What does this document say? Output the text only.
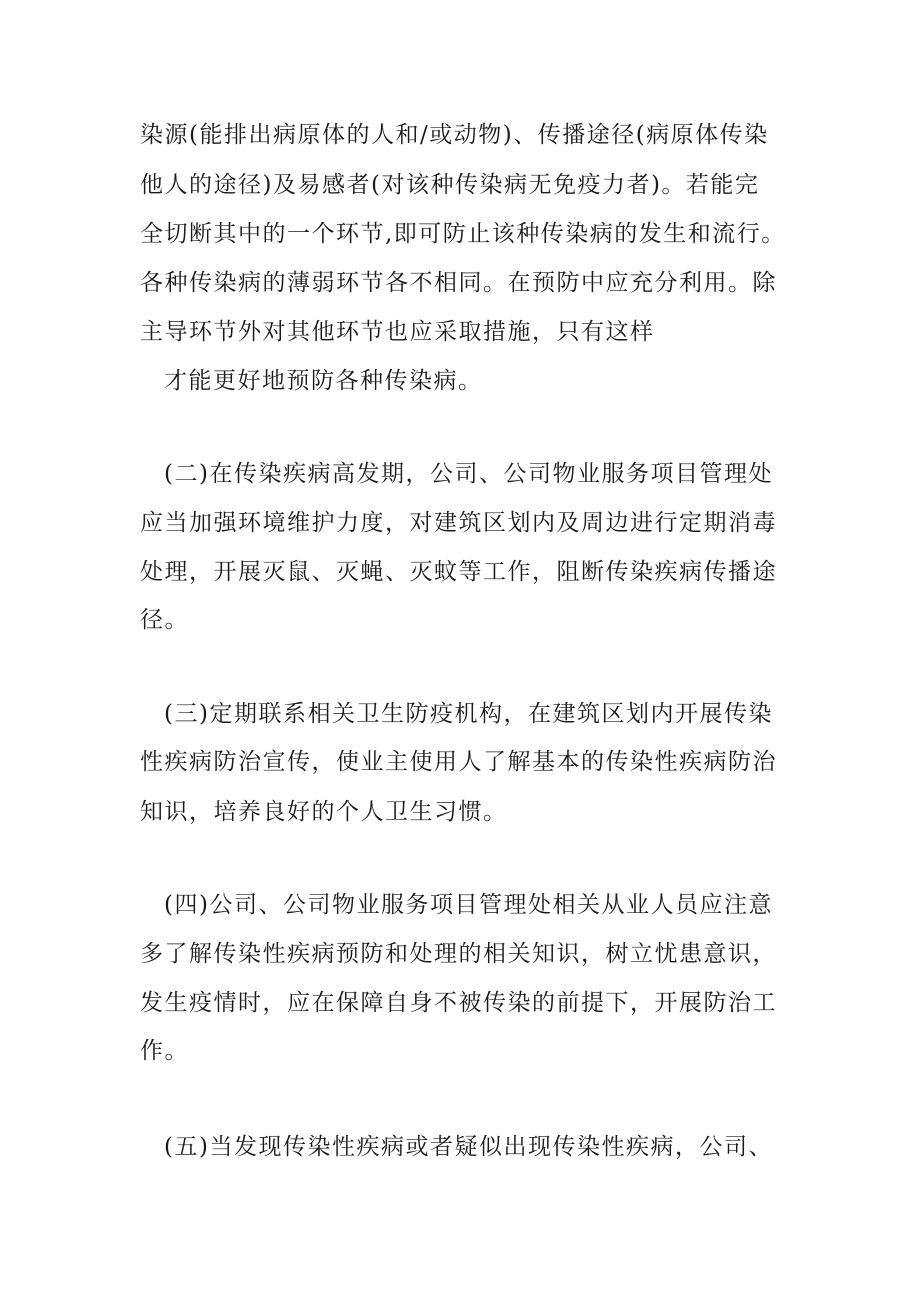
染源(能排出病原体的人和/或动物)、传播途径(病原体传染
他人的途径)及易感者(对该种传染病无免疫力者)。若能完
全切断其中的一个环节,即可防止该种传染病的发生和流行。
各种传染病的薄弱环节各不相同。在预防中应充分利用。除
主导环节外对其他环节也应采取措施，只有这样
才能更好地预防各种传染病。
(二)在传染疾病高发期，公司、公司物业服务项目管理处
应当加强环境维护力度，对建筑区划内及周边进行定期消毒
处理，开展灭鼠、灭蝇、灭蚊等工作，阻断传染疾病传播途
径。
(三)定期联系相关卫生防疫机构，在建筑区划内开展传染
性疾病防治宣传，使业主使用人了解基本的传染性疾病防治
知识，培养良好的个人卫生习惯。
(四)公司、公司物业服务项目管理处相关从业人员应注意
多了解传染性疾病预防和处理的相关知识，树立忧患意识，
发生疫情时，应在保障自身不被传染的前提下，开展防治工
作。
(五)当发现传染性疾病或者疑似出现传染性疾病，公司、
